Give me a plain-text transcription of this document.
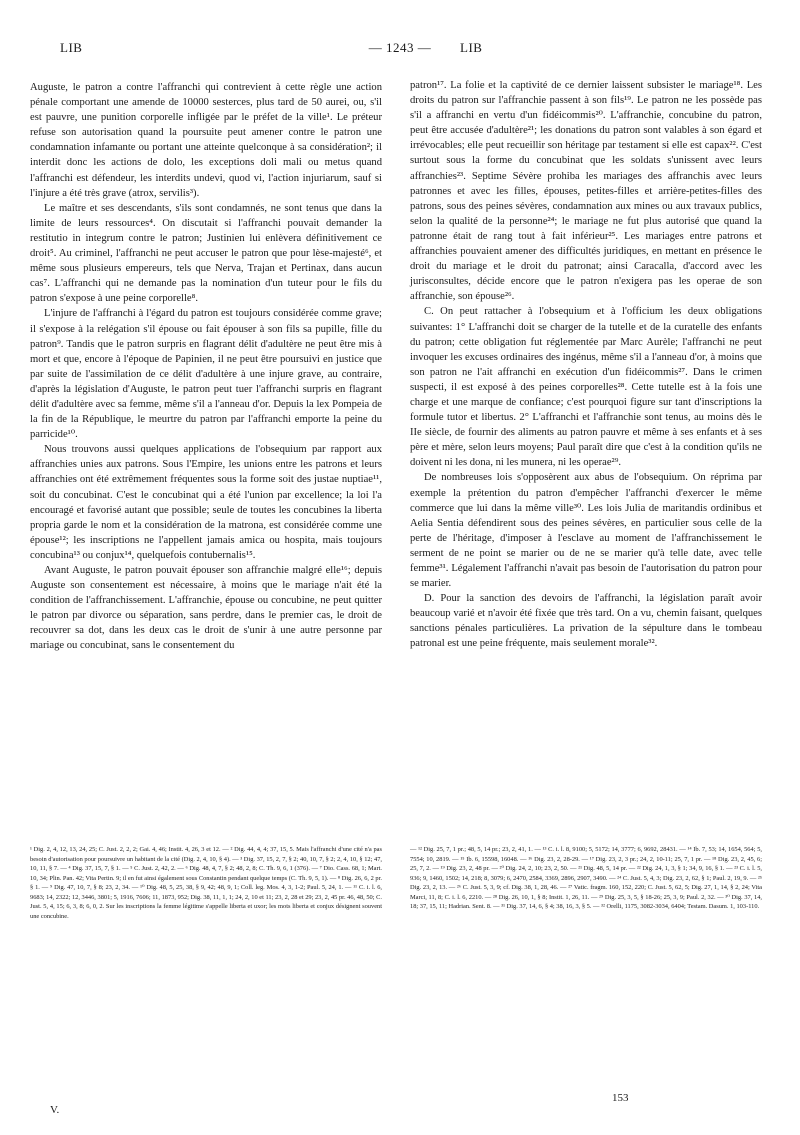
LIB	— 1243 —	LIB

Auguste, le patron a contre l'affranchi qui contrevient à cette règle une action pénale comportant une amende de 10000 sesterces, plus tard de 50 aurei, ou, s'il est pauvre, une punition corporelle infligée par le préfet de la ville¹. Le préteur refuse son autorisation quand la poursuite peut amener contre le patron une condamnation infamante ou portant une atteinte quelconque à sa considération²; il interdit donc les actions de dolo, les exceptions doli mali ou metus quand l'affranchi est défendeur, les interdits undevi, quod vi, l'action injuriarum, sauf si l'injure a été très grave (atrox, servilis³).

Le maître et ses descendants, s'ils sont condamnés, ne sont tenus que dans la limite de leurs ressources⁴. On discutait si l'affranchi pouvait demander la restitutio in integrum contre le patron; Justinien lui enlèvera définitivement ce droit⁵. Au criminel, l'affranchi ne peut accuser le patron que pour lèse-majesté⁶, et même sous plusieurs empereurs, tels que Nerva, Trajan et Pertinax, dans aucun cas⁷. L'affranchi qui ne demande pas la nomination d'un tuteur pour le fils du patron s'expose à une peine corporelle⁸.

L'injure de l'affranchi à l'égard du patron est toujours considérée comme grave; il s'expose à la relégation s'il épouse ou fait épouser à son fils sa pupille, fille du patron⁹. Tandis que le patron surpris en flagrant délit d'adultère ne peut être mis à mort et que, encore à l'époque de Papinien, il ne peut être poursuivi en justice que par suite de l'assimilation de ce délit d'adultère à une injure grave, au contraire, d'après la législation d'Auguste, le patron peut tuer l'affranchi surpris en flagrant délit d'adultère avec sa femme, même s'il a l'anneau d'or. Depuis la lex Pompeia de la fin de la République, le meurtre du patron par l'affranchi emporte la peine du parricide¹⁰.

Nous trouvons aussi quelques applications de l'obsequium par rapport aux affranchies unies aux patrons. Sous l'Empire, les unions entre les patrons et leurs affranchies ont été extrêmement fréquentes sous la forme soit des justae nuptiae¹¹, soit du concubinat. C'est le concubinat qui a été l'union par excellence; la loi l'a encouragé et favorisé autant que possible; seule de toutes les concubines la liberta propria garde le nom et la considération de la matrona, est considérée comme une épouse¹²; les inscriptions ne l'appellent jamais amica ou hospita, mais toujours concubina¹³ ou conjux¹⁴, quelquefois contubernalis¹⁵.

Avant Auguste, le patron pouvait épouser son affranchie malgré elle¹⁶; depuis Auguste son consentement est nécessaire, à moins que le mariage n'ait été la condition de l'affranchissement. L'affranchie, épouse ou concubine, ne peut quitter le patron par divorce ou séparation, sans perdre, dans le premier cas, le droit de recouvrer sa dot, dans les deux cas le droit de s'unir à une autre personne par mariage ou concubinat, sans le consentement du

patron¹⁷. La folie et la captivité de ce dernier laissent subsister le mariage¹⁸. Les droits du patron sur l'affranchie passent à son fils¹⁹. Le patron ne les possède pas s'il a affranchi en vertu d'un fidéicommis²⁰. L'affranchie, concubine du patron, peut être accusée d'adultère²¹; les donations du patron sont valables à son égard et irrévocables; elle peut recueillir son héritage par testament si elle est capax²². C'est surtout sous la forme du concubinat que les soldats s'unissent avec leurs affranchies²³. Septime Sévère prohiba les mariages des affranchis avec leurs patronnes et avec les filles, épouses, petites-filles et arrière-petites-filles des patrons, sous des peines sévères, condamnation aux mines ou aux travaux publics, selon la qualité de la personne²⁴; le mariage ne fut plus autorisé que quand la patronne était de rang tout à fait inférieur²⁵. Les mariages entre patrons et affranchies pouvaient amener des difficultés juridiques, en mettant en présence le droit du mariage et le droit du patronat; ainsi Caracalla, d'accord avec les jurisconsultes, décide encore que le patron n'exigera pas les operae de son affranchie, son épouse²⁶.

C. On peut rattacher à l'obsequium et à l'officium les deux obligations suivantes: 1° L'affranchi doit se charger de la tutelle et de la curatelle des enfants du patron; cette obligation fut réglementée par Marc Aurèle; l'affranchi ne peut invoquer les excuses ordinaires des ingénus, même s'il a l'anneau d'or, à moins que son patron ne l'ait affranchi en exécution d'un fidéicommis²⁷. Dans le crimen suspecti, il est exposé à des peines corporelles²⁸. Cette tutelle est à la fois une charge et une marque de confiance; c'est pourquoi figure sur tant d'inscriptions la formule tutor et libertus. 2° L'affranchi et l'affranchie sont tenus, au moins dès le IIe siècle, de fournir des aliments au patron pauvre et même à ses enfants et à ses père et mère, selon leurs moyens; Paul paraît dire que c'est à la condition qu'ils ne doivent ni les dona, ni les munera, ni les operae²⁹.

De nombreuses lois s'opposèrent aux abus de l'obsequium. On réprima par exemple la prétention du patron d'empêcher l'affranchi d'exercer le même commerce que lui dans la même ville³⁰. Les lois Julia de maritandis ordinibus et Aelia Sentia défendirent sous des peines sévères, en particulier sous celle de la perte de l'héritage, d'imposer à l'esclave au moment de l'affranchissement le serment de ne point se marier ou de ne se marier qu'à telle date, avec telle femme³¹. Légalement l'affranchi n'avait pas besoin de l'autorisation du patron pour se marier.

D. Pour la sanction des devoirs de l'affranchi, la législation paraît avoir beaucoup varié et n'avoir été fixée que très tard. On a vu, chemin faisant, quelques sanctions pénales particulières. La privation de la sépulture dans le tombeau patronal est une peine fréquente, mais seulement morale³².

¹ Dig. 2, 4, 12, 13, 24, 25; C. Just. 2, 2, 2; Gai. 4, 46; Instit. 4, 26, 3 et 12. — ² Dig. 44, 4, 4; 37, 15, 5. Mais l'affranchi d'une cité n'a pas besoin d'autorisation pour poursuivre un habitant de la cité (Dig. 2, 4, 10, § 4). — ³ Dig. 37, 15, 2, 7, § 2; 40, 10, 7, § 2; 2, 4, 10, § 12; 47, 10, 11, § 7. — ⁴ Dig. 37, 15, 7, § 1. — ⁵ C. Just. 2, 42, 2. — ⁶ Dig. 48, 4, 7, § 2; 48, 2, 8; C. Th. 9, 6, 1 (376). — ⁷ Dio. Cass. 68, 1; Mart. 10, 34; Plin. Pan. 42; Vita Pertin. 9; il en fut ainsi également sous Constantin pendant quelque temps (C. Th. 9, 5, 1). — ⁸ Dig. 26, 6, 2 pr. § 1. — ⁹ Dig. 47, 10, 7, § 8; 23, 2, 34. — ¹⁰ Dig. 48, 5, 25, 38, § 9, 42; 48, 9, 1; Coll. leg. Mos. 4, 3, 1-2; Paul. 5, 24, 1. — ¹¹ C. i. l. 6, 9683; 14, 2322; 12, 3446, 3801; 5, 1916, 7606; 11, 1873, 952; Dig. 38, 11, 1, 1; 24, 2, 10 et 11; 23, 2, 28 et 29; 23, 2, 45 pr. 46, 48, 50; C. Just. 5, 4, 15; 6, 3, 8; 6, 0, 2. Sur les inscriptions la femme légitime s'appelle liberta et uxor; les mots liberta et conjux désignent souvent une concubine.
— ¹² Dig. 25, 7, 1 pr.; 48, 5, 14 pr.; 23, 2, 41, 1. — ¹³ C. i. l. 8, 9100; 5, 5172; 14, 3777; 6, 9692, 28431. — ¹⁴ Ib. 7, 53; 14, 1654, 564; 5, 7554; 10, 2819. — ¹⁵ Ib. 6, 15598, 16048. — ¹⁶ Dig. 23, 2, 28-29. — ¹⁷ Dig. 23, 2, 3 pr.; 24, 2, 10-11; 25, 7, 1 pr. — ¹⁸ Dig. 23, 2, 45, 6; 25, 7, 2. — ¹⁹ Dig. 23, 2, 48 pr. — ²⁰ Dig. 24, 2, 10; 23, 2, 50. — ²¹ Dig. 48, 5, 14 pr. — ²² Dig. 24, 1, 3, § 1; 34, 9, 16, § 1. — ²³ C. i. l. 5, 936; 9, 1460, 1502; 14, 218; 8, 3079; 6, 2470, 2584, 3369, 2896, 2907, 3490. — ²⁴ C. Just. 5, 4, 3; Dig. 23, 2, 62, § 1; Paul. 2, 19, 9. — ²⁵ Dig. 23, 2, 13. — ²⁶ C. Just. 5, 3, 9; cf. Dig. 38, 1, 28, 46. — ²⁷ Vatic. fragm. 160, 152, 220; C. Just. 5, 62, 5; Dig. 27, 1, 14, § 2, 24; Vita Marci, 11, 8; C. i. l. 6, 2210. — ²⁸ Dig. 26, 10, 1, § 8; Instit. 1, 26, 11. — ²⁹ Dig. 25, 3, 5, § 18-26; 25, 3, 9; Paul. 2, 32. — ³⁰ Dig. 37, 14, 18; 37, 15, 11; Hadrian. Sent. 8. — ³¹ Dig. 37, 14, 6, § 4; 38, 16, 3, § 5. — ³² Orelli, 1175, 3082-3034, 6404; Testam. Dasum. 1, 103-110.
V.
153
